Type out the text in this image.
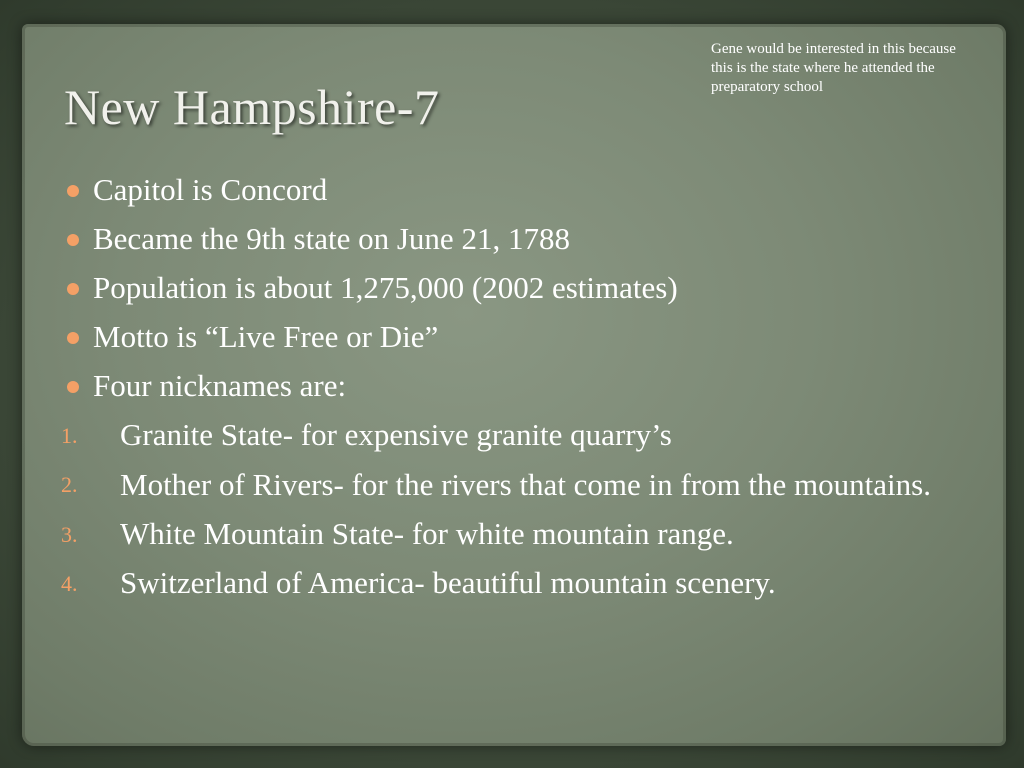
New Hampshire-7
Gene would be interested in this because this is the state where he attended the preparatory school
Capitol is Concord
Became the 9th state on June 21, 1788
Population is about 1,275,000 (2002 estimates)
Motto is “Live Free or Die”
Four nicknames are:
1.	Granite State- for expensive granite quarry’s
2.	Mother of Rivers- for the rivers that come in from the mountains.
3.	White Mountain State- for white mountain range.
4.	Switzerland of America- beautiful mountain scenery.
